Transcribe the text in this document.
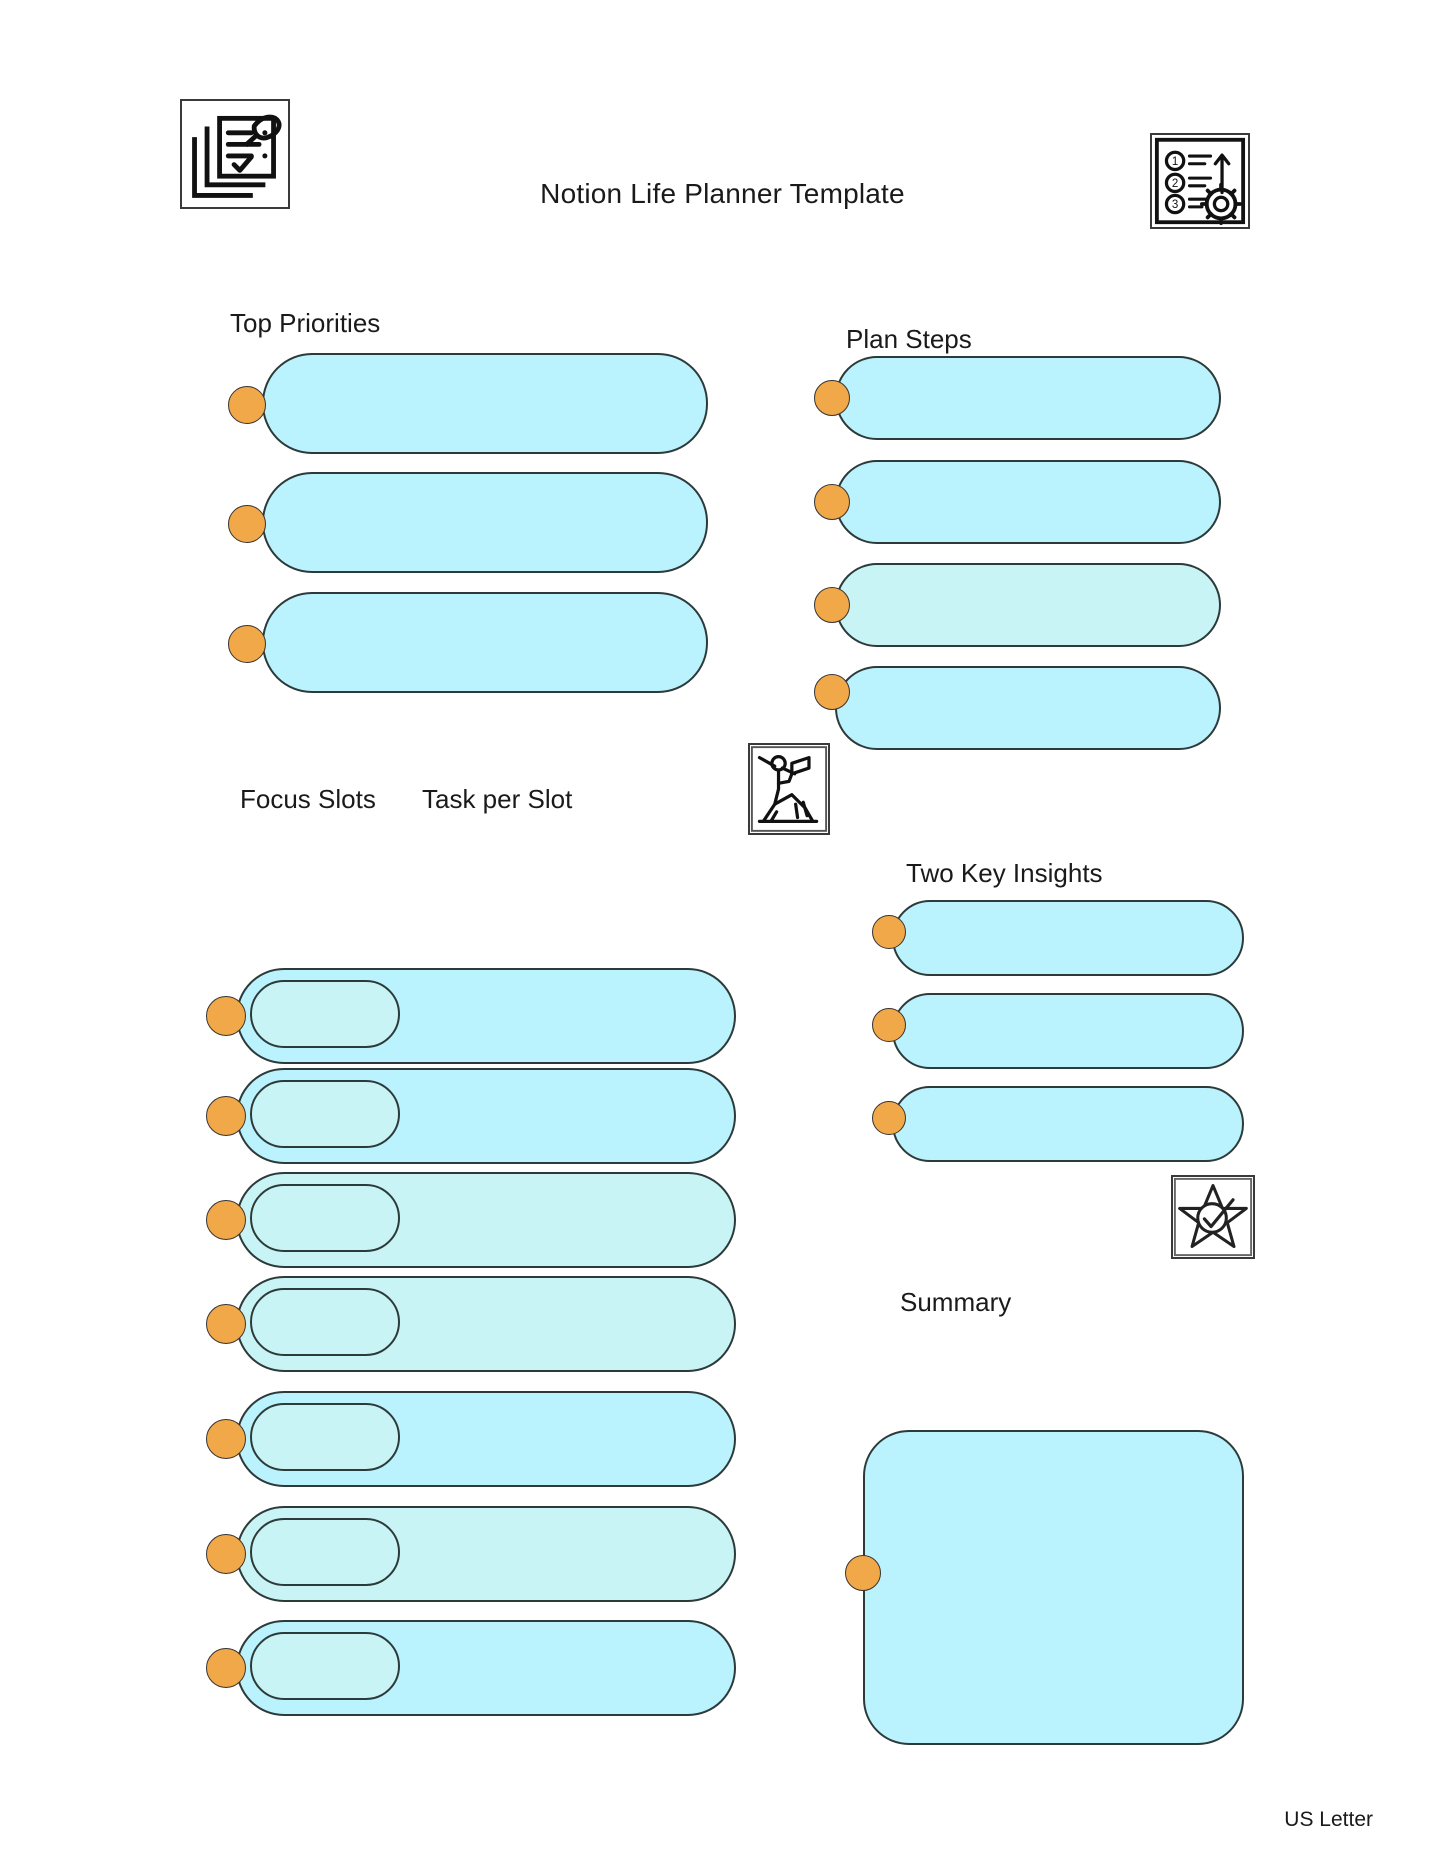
Notion Life Planner Template
1
2
3
Top Priorities
Plan Steps
Focus Slots Task per Slot
Two Key Insights
Summary
US Letter
